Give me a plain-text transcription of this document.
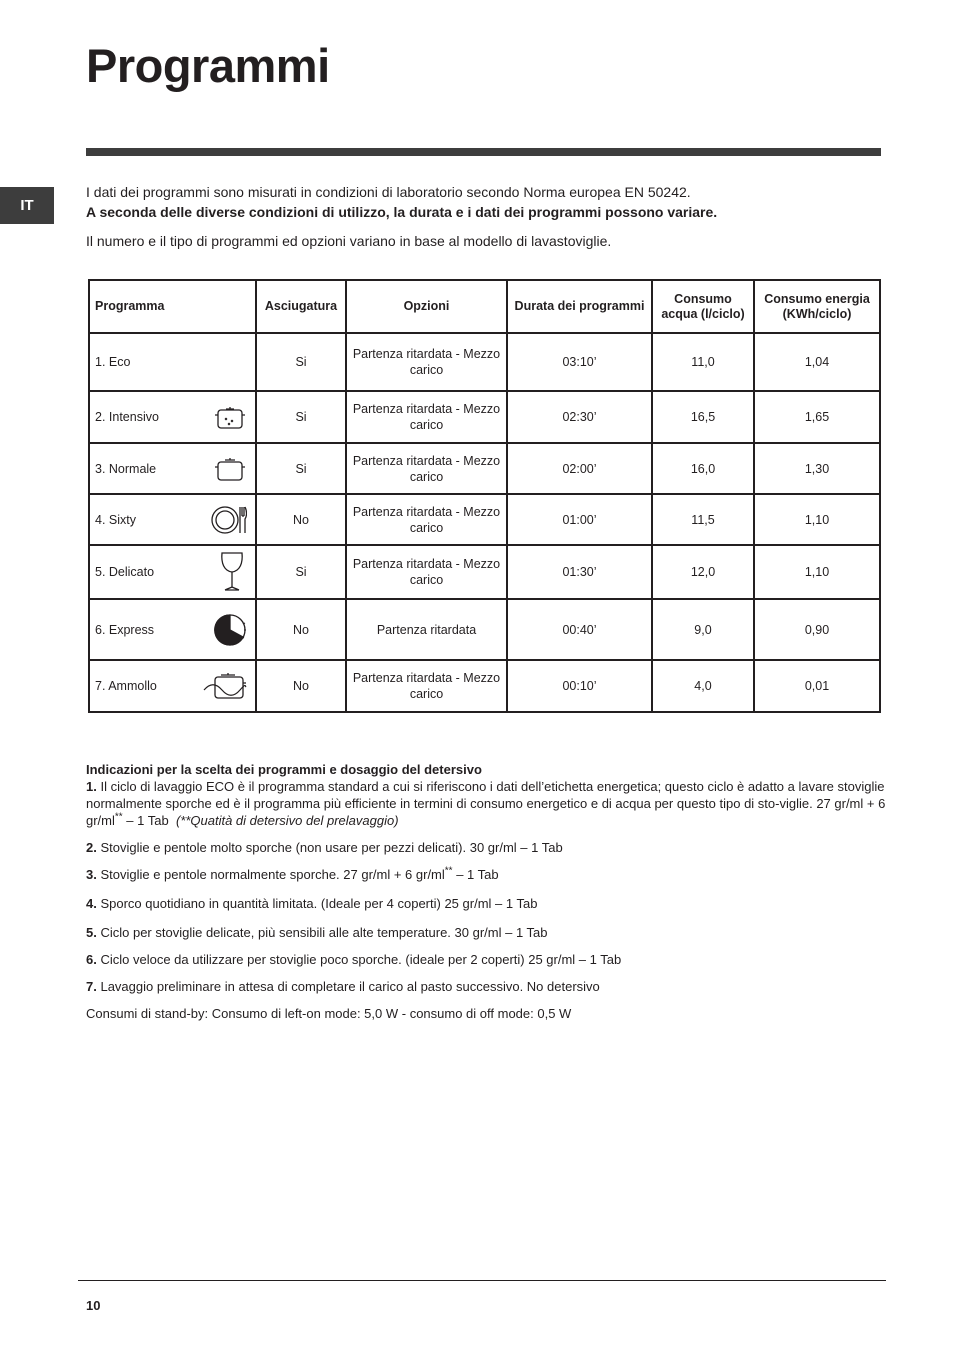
Programmi
IT

I dati dei programmi sono misurati in condizioni di laboratorio secondo Norma europea EN 50242.

A seconda delle diverse condizioni di utilizzo, la durata e i dati dei programmi possono variare.

Il numero e il tipo di programmi ed opzioni variano in base al modello di lavastoviglie.

Programma	Asciugatura	Opzioni	Durata dei programmi	Consumo acqua (l/ciclo)	Consumo energia (KWh/ciclo)

1. Eco	Si	Partenza ritardata - Mezzo carico	03:10’	11,0	1,04

2. Intensivo	Si	Partenza ritardata - Mezzo carico	02:30’	16,5	1,65

3. Normale	Si	Partenza ritardata - Mezzo carico	02:00’	16,0	1,30

4. Sixty	No	Partenza ritardata - Mezzo carico	01:00’	11,5	1,10

5. Delicato	Si	Partenza ritardata - Mezzo carico	01:30’	12,0	1,10

6. Express	No	Partenza ritardata	00:40’	9,0	0,90

7. Ammollo	No	Partenza ritardata - Mezzo carico	00:10’	4,0	0,01

Indicazioni per la scelta dei programmi e dosaggio del detersivo

1. Il ciclo di lavaggio ECO è il programma standard a cui si riferiscono i dati dell’etichetta energetica; questo ciclo è adatto a lavare stoviglie normalmente sporche ed è il programma più efficiente in termini di consumo energetico e di acqua per questo tipo di sto-viglie. 27 gr/ml + 6 gr/ml** – 1 Tab (**Quatità di detersivo del prelavaggio)

2. Stoviglie e pentole molto sporche (non usare per pezzi delicati). 30 gr/ml – 1 Tab

3. Stoviglie e pentole normalmente sporche. 27 gr/ml + 6 gr/ml** – 1 Tab

4. Sporco quotidiano in quantità limitata. (Ideale per 4 coperti) 25 gr/ml – 1 Tab

5. Ciclo per stoviglie delicate, più sensibili alle alte temperature. 30 gr/ml – 1 Tab

6. Ciclo veloce da utilizzare per stoviglie poco sporche. (ideale per 2 coperti) 25 gr/ml – 1 Tab

7. Lavaggio preliminare in attesa di completare il carico al pasto successivo. No detersivo

Consumi di stand-by: Consumo di left-on mode: 5,0 W - consumo di off mode: 0,5 W

10
